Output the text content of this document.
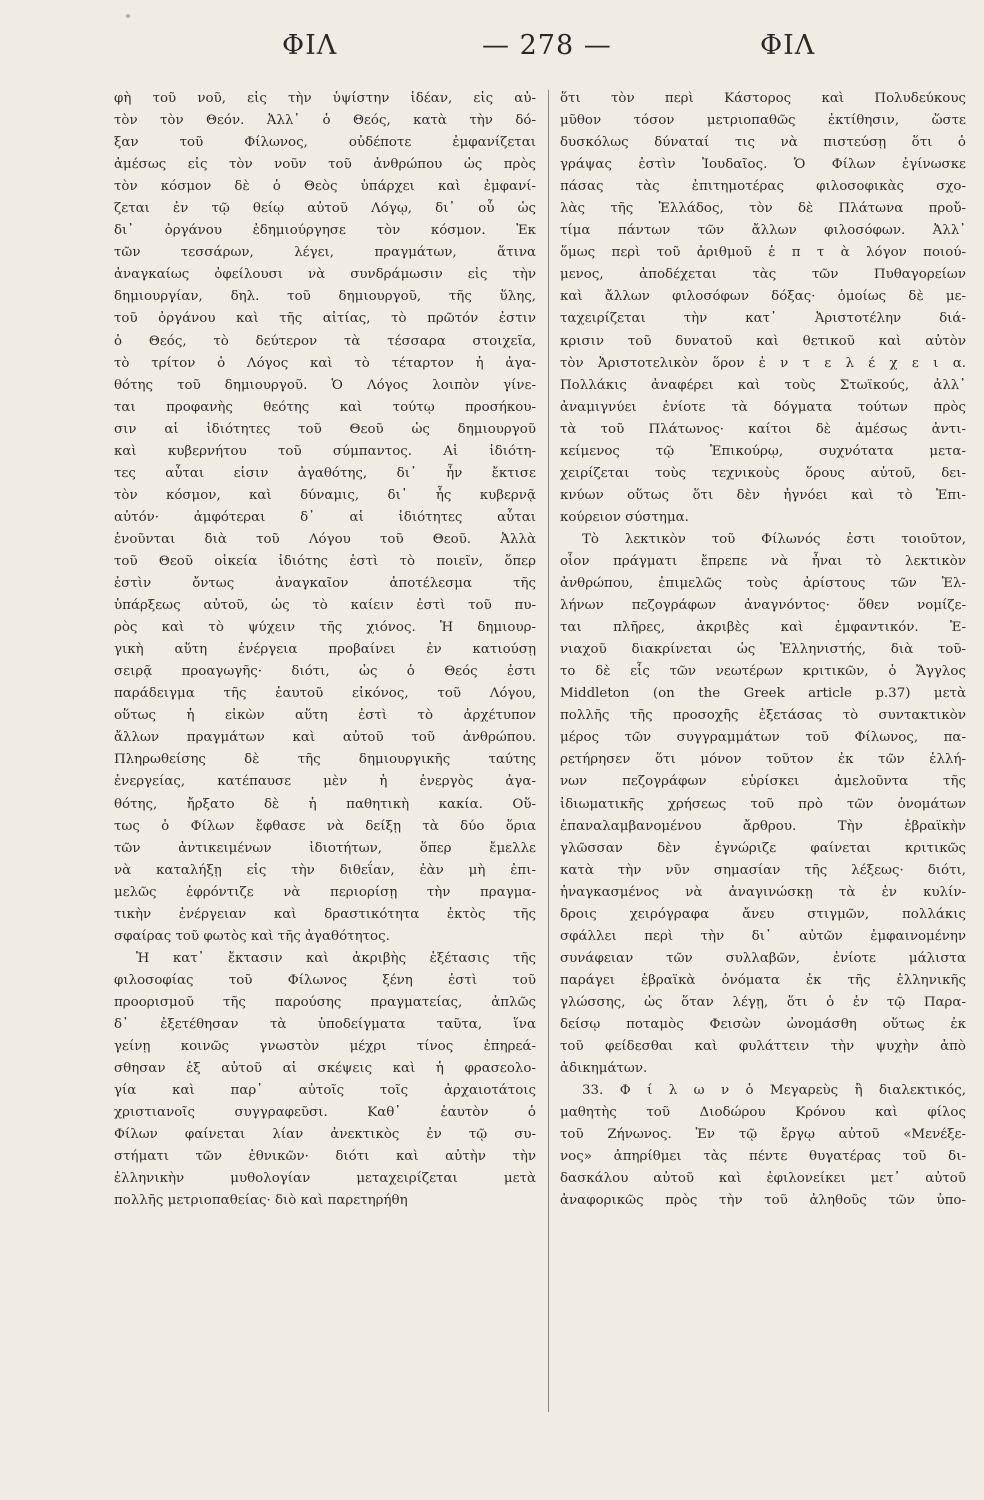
ΦΙΛ	— 278 —	ΦΙΛ
φὴ τοῦ νοῦ, εἰς τὴν ὑψίστην ἰδέαν, εἰς αὐ-
τὸν τὸν Θεόν. Ἀλλ᾽ ὁ Θεός, κατὰ τὴν δό-
ξαν τοῦ Φίλωνος, οὐδέποτε ἐμφανίζεται
ἀμέσως εἰς τὸν νοῦν τοῦ ἀνθρώπου ὡς πρὸς
τὸν κόσμον δὲ ὁ Θεὸς ὑπάρχει καὶ ἐμφανί-
ζεται ἐν τῷ θείῳ αὐτοῦ Λόγῳ, δι᾽ οὗ ὡς
δι᾽ ὀργάνου ἐδημιούργησε τὸν κόσμον. Ἐκ
τῶν τεσσάρων, λέγει, πραγμάτων, ἅτινα
ἀναγκαίως ὀφείλουσι νὰ συνδράμωσιν εἰς τὴν
δημιουργίαν, δηλ. τοῦ δημιουργοῦ, τῆς ὕλης,
τοῦ ὀργάνου καὶ τῆς αἰτίας, τὸ πρῶτόν ἐστιν
ὁ Θεός, τὸ δεύτερον τὰ τέσσαρα στοιχεῖα,
τὸ τρίτον ὁ Λόγος καὶ τὸ τέταρτον ἡ ἀγα-
θότης τοῦ δημιουργοῦ. Ὁ Λόγος λοιπὸν γίνε-
ται προφανὴς θεότης καὶ τούτῳ προσήκου-
σιν αἱ ἰδιότητες τοῦ Θεοῦ ὡς δημιουργοῦ
καὶ κυβερνήτου τοῦ σύμπαντος. Αἱ ἰδιότη-
τες αὗται εἰσιν ἀγαθότης, δι᾽ ἧν ἔκτισε
τὸν κόσμον, καὶ δύναμις, δι᾽ ἧς κυβερνᾷ
αὐτόν· ἀμφότεραι δ᾽ αἱ ἰδιότητες αὗται
ἑνοῦνται διὰ τοῦ Λόγου τοῦ Θεοῦ. Ἀλλὰ
τοῦ Θεοῦ οἰκεία ἰδιότης ἐστὶ τὸ ποιεῖν, ὅπερ
ἐστὶν ὄντως ἀναγκαῖον ἀποτέλεσμα τῆς
ὑπάρξεως αὐτοῦ, ὡς τὸ καίειν ἐστὶ τοῦ πυ-
ρὸς καὶ τὸ ψύχειν τῆς χιόνος. Ἡ δημιουρ-
γικὴ αὕτη ἐνέργεια προβαίνει ἐν κατιούσῃ
σειρᾷ προαγωγῆς· διότι, ὡς ὁ Θεός ἐστι
παράδειγμα τῆς ἑαυτοῦ εἰκόνος, τοῦ Λόγου,
οὕτως ἡ εἰκὼν αὕτη ἐστὶ τὸ ἀρχέτυπον
ἄλλων πραγμάτων καὶ αὐτοῦ τοῦ ἀνθρώπου.
Πληρωθείσης δὲ τῆς δημιουργικῆς ταύτης
ἐνεργείας, κατέπαυσε μὲν ἡ ἐνεργὸς ἀγα-
θότης, ἤρξατο δὲ ἡ παθητικὴ κακία. Οὕ-
τως ὁ Φίλων ἔφθασε νὰ δείξῃ τὰ δύο ὅρια
τῶν ἀντικειμένων ἰδιοτήτων, ὅπερ ἔμελλε
νὰ καταλήξῃ εἰς τὴν διθεΐαν, ἐὰν μὴ ἐπι-
μελῶς ἐφρόντιζε νὰ περιορίσῃ τὴν πραγμα-
τικὴν ἐνέργειαν καὶ δραστικότητα ἐκτὸς τῆς
σφαίρας τοῦ φωτὸς καὶ τῆς ἀγαθότητος.
Ἡ κατ᾽ ἔκτασιν καὶ ἀκριβὴς ἐξέτασις τῆς
φιλοσοφίας τοῦ Φίλωνος ξένη ἐστὶ τοῦ
προορισμοῦ τῆς παρούσης πραγματείας, ἁπλῶς
δ᾽ ἐξετέθησαν τὰ ὑποδείγματα ταῦτα, ἵνα
γείνῃ κοινῶς γνωστὸν μέχρι τίνος ἐπηρεά-
σθησαν ἐξ αὐτοῦ αἱ σκέψεις καὶ ἡ φρασεολο-
γία καὶ παρ᾽ αὐτοῖς τοῖς ἀρχαιοτάτοις
χριστιανοῖς συγγραφεῦσι. Καθ᾽ ἑαυτὸν ὁ
Φίλων φαίνεται λίαν ἀνεκτικὸς ἐν τῷ συ-
στήματι τῶν ἐθνικῶν· διότι καὶ αὐτὴν τὴν
ἑλληνικὴν μυθολογίαν μεταχειρίζεται μετὰ
πολλῆς μετριοπαθείας· διὸ καὶ παρετηρήθη
ὅτι τὸν περὶ Κάστορος καὶ Πολυδεύκους
μῦθον τόσον μετριοπαθῶς ἐκτίθησιν, ὥστε
δυσκόλως δύναταί τις νὰ πιστεύσῃ ὅτι ὁ
γράψας ἐστὶν Ἰουδαῖος. Ὁ Φίλων ἐγίνωσκε
πάσας τὰς ἐπιτημοτέρας φιλοσοφικὰς σχο-
λὰς τῆς Ἑλλάδος, τὸν δὲ Πλάτωνα προὔ-
τίμα πάντων τῶν ἄλλων φιλοσόφων. Ἀλλ᾽
ὅμως περὶ τοῦ ἀριθμοῦ ἑ π τ ὰ λόγον ποιού-
μενος, ἀποδέχεται τὰς τῶν Πυθαγορείων
καὶ ἄλλων φιλοσόφων δόξας· ὁμοίως δὲ με-
ταχειρίζεται τὴν κατ᾽ Ἀριστοτέλην διά-
κρισιν τοῦ δυνατοῦ καὶ θετικοῦ καὶ αὐτὸν
τὸν Ἀριστοτελικὸν ὅρον ἐ ν τ ε λ έ χ ε ι α.
Πολλάκις ἀναφέρει καὶ τοὺς Στωϊκούς, ἀλλ᾽
ἀναμιγνύει ἐνίοτε τὰ δόγματα τούτων πρὸς
τὰ τοῦ Πλάτωνος· καίτοι δὲ ἀμέσως ἀντι-
κείμενος τῷ Ἐπικούρῳ, συχνότατα μετα-
χειρίζεται τοὺς τεχνικοὺς ὅρους αὐτοῦ, δει-
κνύων οὕτως ὅτι δὲν ἠγνόει καὶ τὸ Ἐπι-
κούρειον σύστημα.
Τὸ λεκτικὸν τοῦ Φίλωνός ἐστι τοιοῦτον,
οἷον πράγματι ἔπρεπε νὰ ἦναι τὸ λεκτικὸν
ἀνθρώπου, ἐπιμελῶς τοὺς ἀρίστους τῶν Ἑλ-
λήνων πεζογράφων ἀναγνόντος· ὅθεν νομίζε-
ται πλῆρες, ἀκριβὲς καὶ ἐμφαντικόν. Ἐ-
νιαχοῦ διακρίνεται ὡς Ἑλληνιστής, διὰ τοῦ-
το δὲ εἷς τῶν νεωτέρων κριτικῶν, ὁ Ἄγγλος
Middleton (on the Greek article p.37) μετὰ
πολλῆς τῆς προσοχῆς ἐξετάσας τὸ συντακτικὸν
μέρος τῶν συγγραμμάτων τοῦ Φίλωνος, πα-
ρετήρησεν ὅτι μόνον τοῦτον ἐκ τῶν ἑλλή-
νων πεζογράφων εὑρίσκει ἀμελοῦντα τῆς
ἰδιωματικῆς χρήσεως τοῦ πρὸ τῶν ὀνομάτων
ἐπαναλαμβανομένου ἄρθρου. Τὴν ἑβραϊκὴν
γλῶσσαν δὲν ἐγνώριζε φαίνεται κριτικῶς
κατὰ τὴν νῦν σημασίαν τῆς λέξεως· διότι,
ἠναγκασμένος νὰ ἀναγινώσκῃ τὰ ἐν κυλίν-
δροις χειρόγραφα ἄνευ στιγμῶν, πολλάκις
σφάλλει περὶ τὴν δι᾽ αὐτῶν ἐμφαινομένην
συνάφειαν τῶν συλλαβῶν, ἐνίοτε μάλιστα
παράγει ἑβραϊκὰ ὀνόματα ἐκ τῆς ἑλληνικῆς
γλώσσης, ὡς ὅταν λέγῃ, ὅτι ὁ ἐν τῷ Παρα-
δείσῳ ποταμὸς Φεισὼν ὠνομάσθη οὕτως ἐκ
τοῦ φείδεσθαι καὶ φυλάττειν τὴν ψυχὴν ἀπὸ
ἀδικημάτων.
33. Φ ί λ ω ν ὁ Μεγαρεὺς ἢ διαλεκτικός,
μαθητὴς τοῦ Διοδώρου Κρόνου καὶ φίλος
τοῦ Ζήνωνος. Ἐν τῷ ἔργῳ αὐτοῦ «Μενέξε-
νος» ἀπηρίθμει τὰς πέντε θυγατέρας τοῦ δι-
δασκάλου αὐτοῦ καὶ ἐφιλονείκει μετ᾽ αὐτοῦ
ἀναφορικῶς πρὸς τὴν τοῦ ἀληθοῦς τῶν ὑπο-
